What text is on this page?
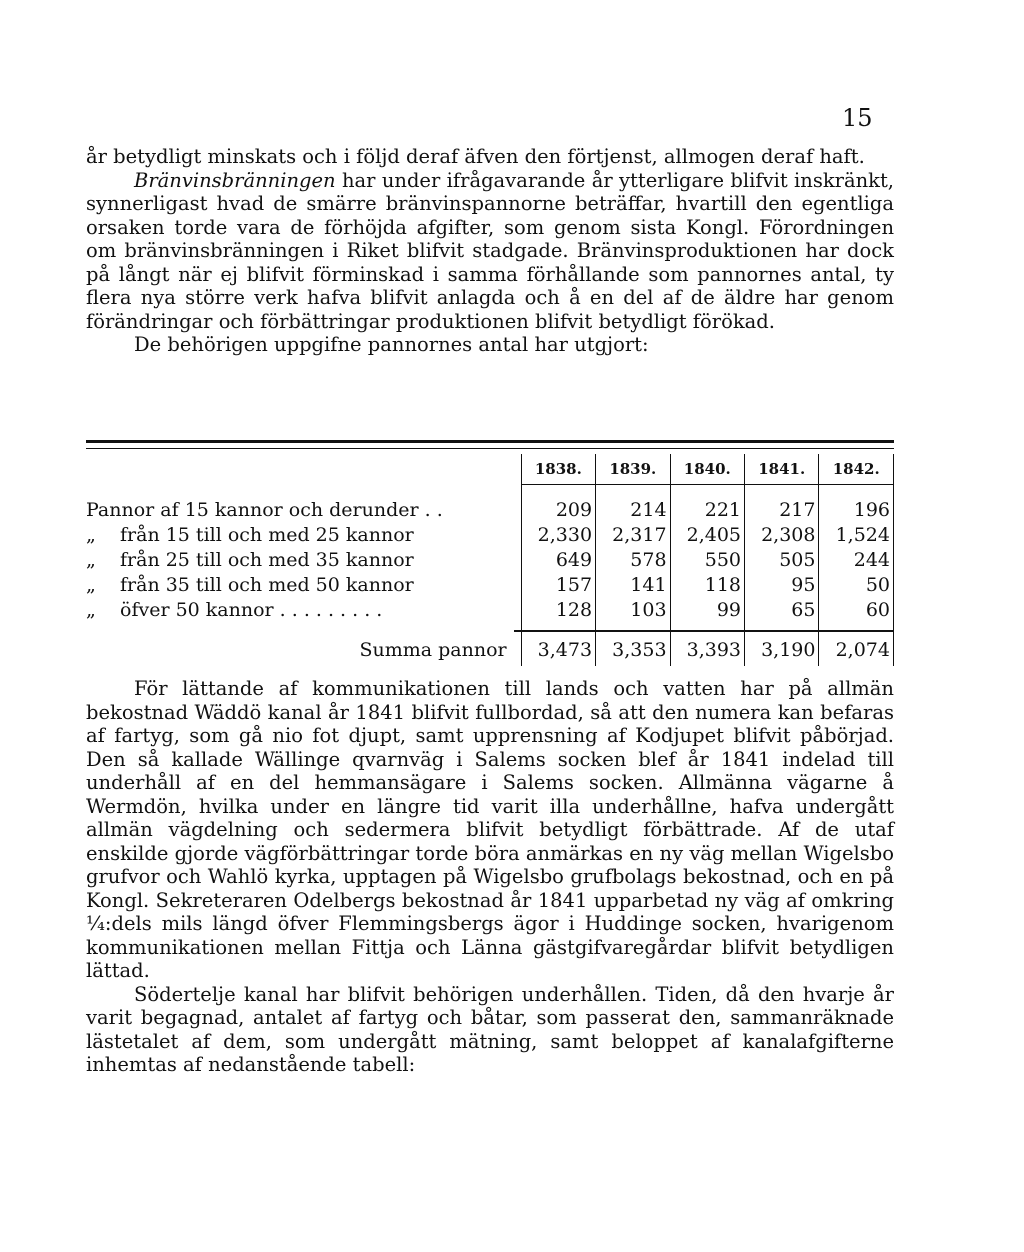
15

år betydligt minskats och i följd deraf äfven den förtjenst, allmogen deraf haft.

Bränvinsbränningen har under ifrågavarande år ytterligare blifvit inskränkt, synnerligast hvad de smärre bränvinspannorne beträffar, hvartill den egentliga orsaken torde vara de förhöjda afgifter, som genom sista Kongl. Förordningen om bränvinsbränningen i Riket blifvit stadgade. Bränvinsproduktionen har dock på långt när ej blifvit förminskad i samma förhållande som pannornes antal, ty flera nya större verk hafva blifvit anlagda och å en del af de äldre har genom förändringar och förbättringar produktionen blifvit betydligt förökad.

De behörigen uppgifne pannornes antal har utgjort:

	1838.	1839.	1840.	1841.	1842.

Pannor af 15 kannor och derunder . .	209	214	221	217	196
„ från 15 till och med 25 kannor	2,330	2,317	2,405	2,308	1,524
„ från 25 till och med 35 kannor	649	578	550	505	244
„ från 35 till och med 50 kannor	157	141	118	95	50
„ öfver 50 kannor . . . . . . . . .	128	103	99	65	60

Summa pannor	3,473	3,353	3,393	3,190	2,074

För lättande af kommunikationen till lands och vatten har på allmän bekostnad Wäddö kanal år 1841 blifvit fullbordad, så att den numera kan befaras af fartyg, som gå nio fot djupt, samt upprensning af Kodjupet blifvit påbörjad. Den så kallade Wällinge qvarnväg i Salems socken blef år 1841 indelad till underhåll af en del hemmansägare i Salems socken. Allmänna vägarne å Wermdön, hvilka under en längre tid varit illa underhållne, hafva undergått allmän vägdelning och sedermera blifvit betydligt förbättrade. Af de utaf enskilde gjorde vägförbättringar torde böra anmärkas en ny väg mellan Wigelsbo grufvor och Wahlö kyrka, upptagen på Wigelsbo grufbolags bekostnad, och en på Kongl. Sekreteraren Odelbergs bekostnad år 1841 upparbetad ny väg af omkring ¼:dels mils längd öfver Flemmingsbergs ägor i Huddinge socken, hvarigenom kommunikationen mellan Fittja och Länna gästgifvaregårdar blifvit betydligen lättad.

Södertelje kanal har blifvit behörigen underhållen. Tiden, då den hvarje år varit begagnad, antalet af fartyg och båtar, som passerat den, sammanräknade lästetalet af dem, som undergått mätning, samt beloppet af kanalafgifterne inhemtas af nedanstående tabell:
